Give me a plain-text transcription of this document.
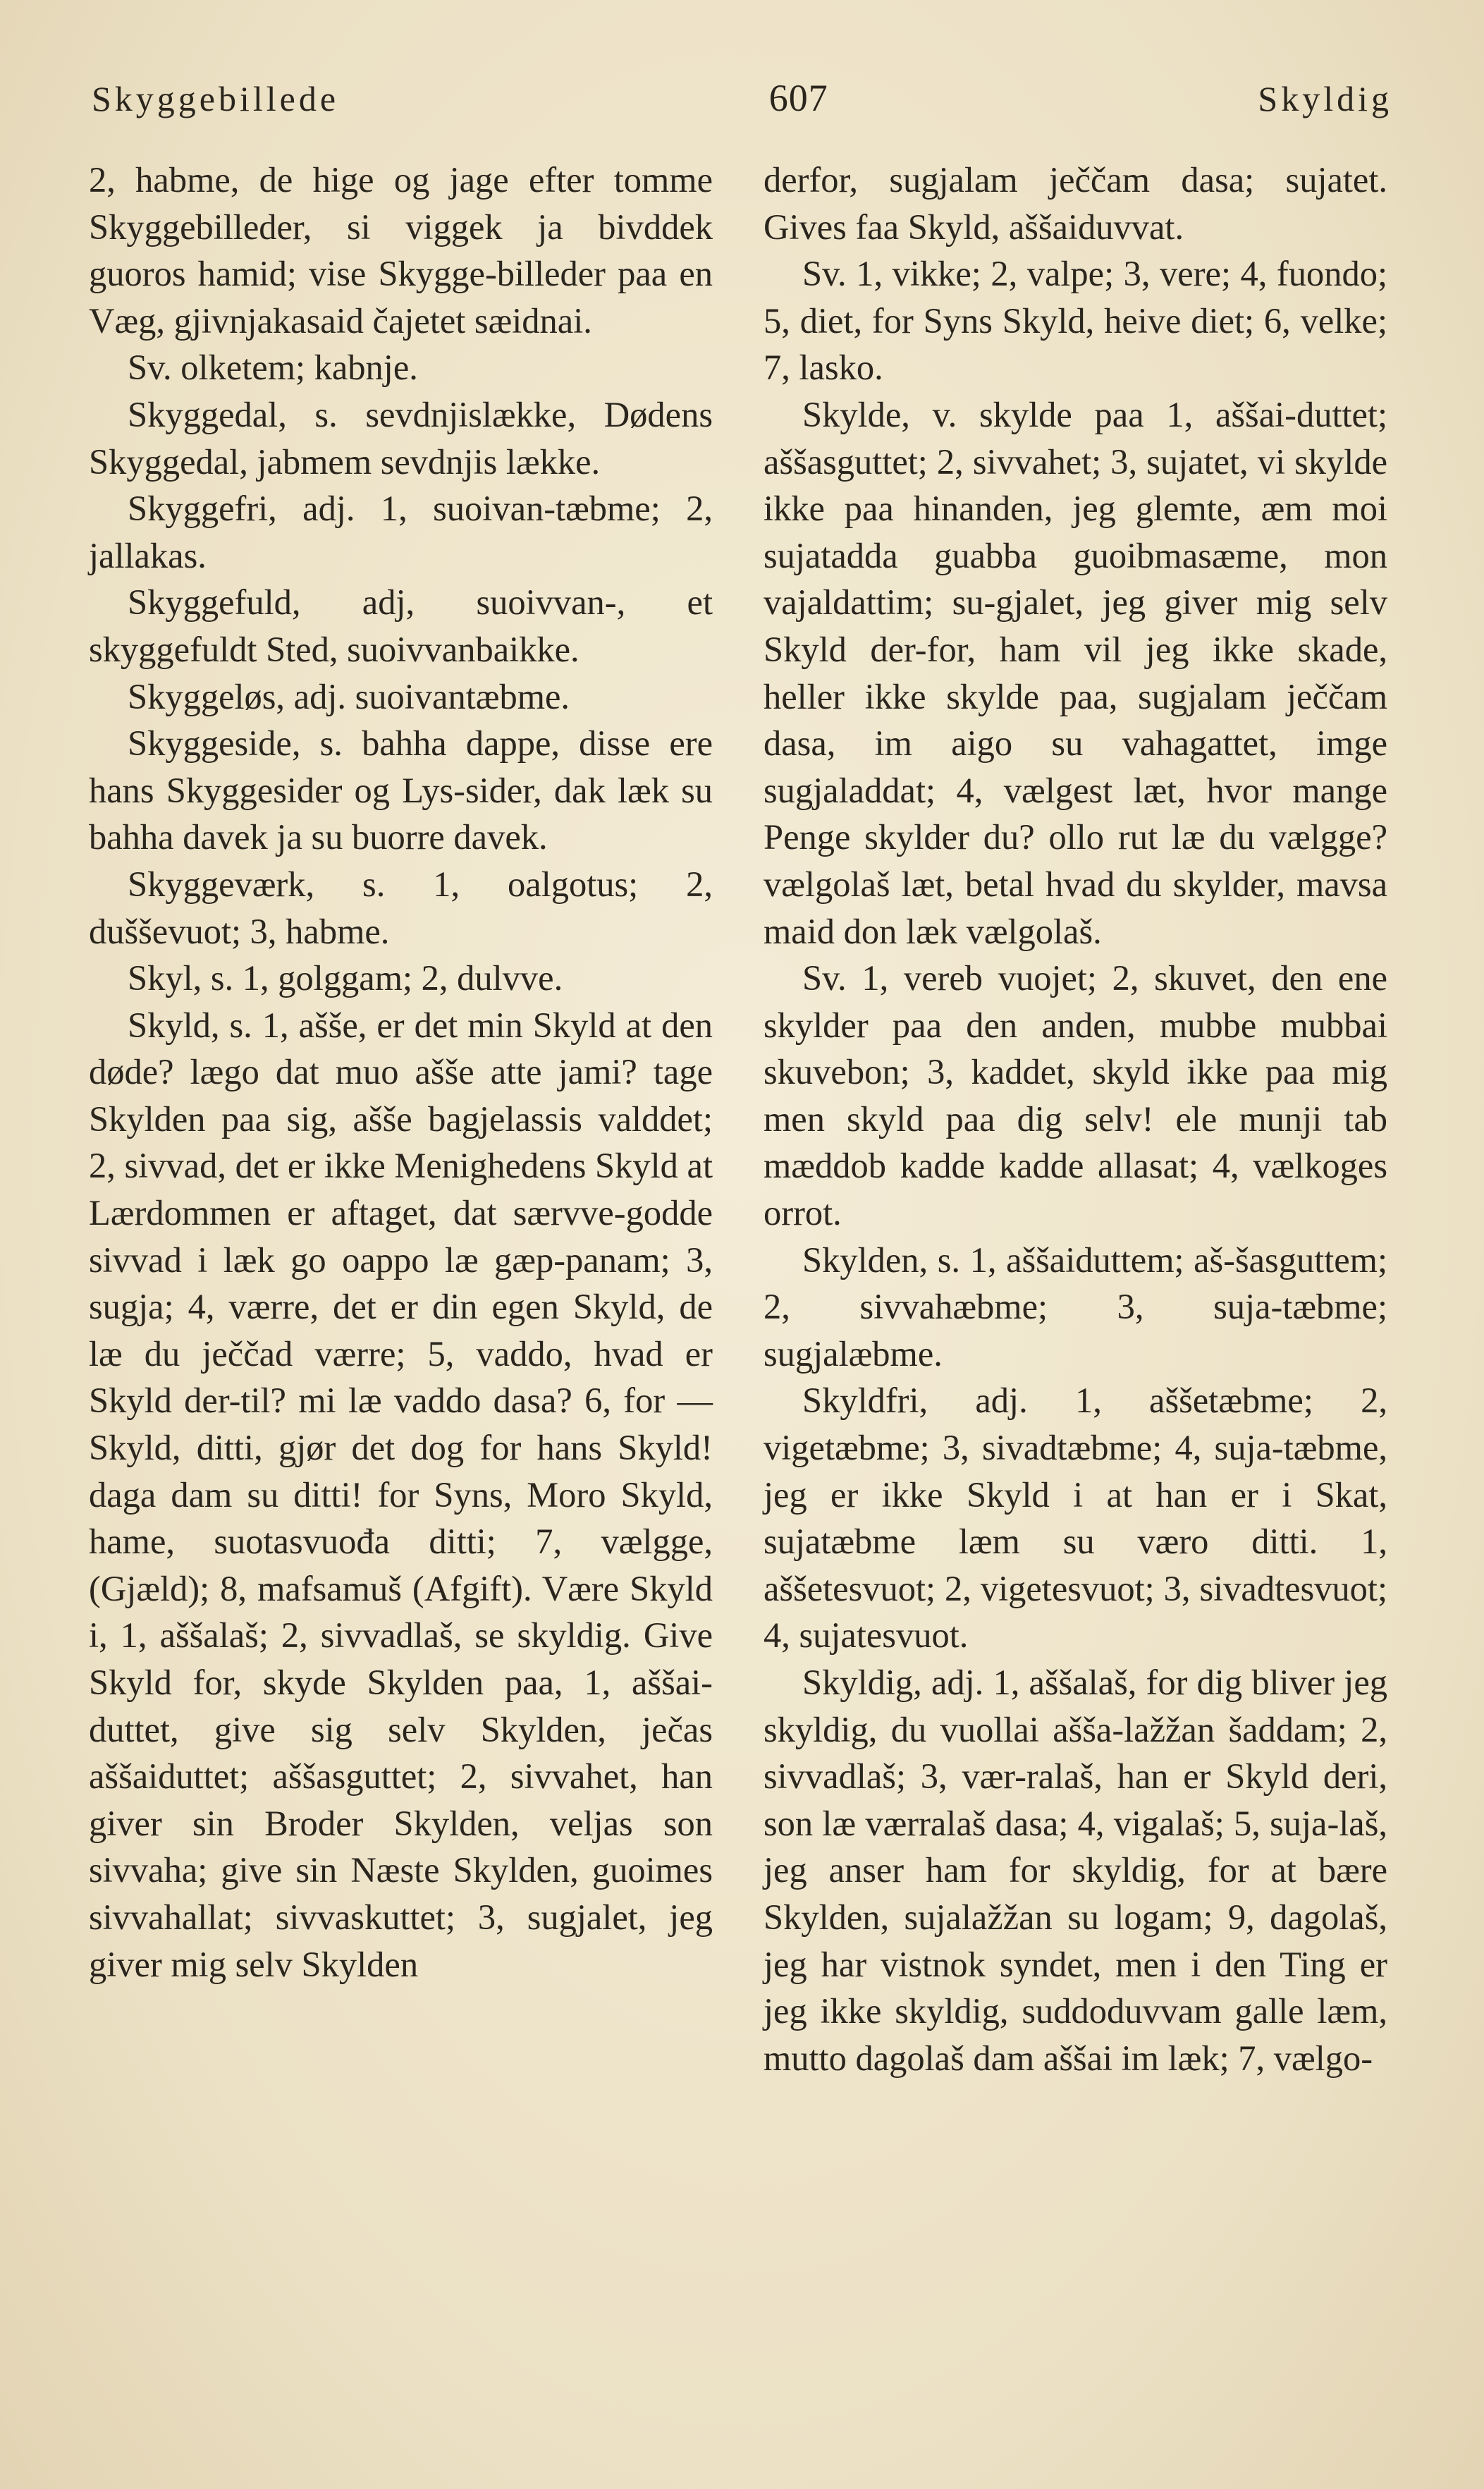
Skyggebillede	607	Skyldig

2, habme, de hige og jage efter tomme Skyggebilleder, si viggek ja bivddek guoros hamid; vise Skygge-billeder paa en Væg, gjivnjakasaid čajetet sæidnai.

Sv. olketem; kabnje.

Skyggedal, s. sevdnjislække, Dødens Skyggedal, jabmem sevdnjis lække.

Skyggefri, adj. 1, suoivan-tæbme; 2, jallakas.

Skyggefuld, adj, suoivvan-, et skyggefuldt Sted, suoivvanbaikke.

Skyggeløs, adj. suoivantæbme.

Skyggeside, s. bahha dappe, disse ere hans Skyggesider og Lys-sider, dak læk su bahha davek ja su buorre davek.

Skyggeværk, s. 1, oalgotus; 2, dušševuot; 3, habme.

Skyl, s. 1, golggam; 2, dulvve.

Skyld, s. 1, ašše, er det min Skyld at den døde? lægo dat muo ašše atte jami? tage Skylden paa sig, ašše bagjelassis valddet; 2, sivvad, det er ikke Menighedens Skyld at Lærdommen er aftaget, dat særvve-godde sivvad i læk go oappo læ gæp-panam; 3, sugja; 4, værre, det er din egen Skyld, de læ du ječčad værre; 5, vaddo, hvad er Skyld der-til? mi læ vaddo dasa? 6, for — Skyld, ditti, gjør det dog for hans Skyld! daga dam su ditti! for Syns, Moro Skyld, hame, suotasvuođa ditti; 7, vælgge, (Gjæld); 8, mafsamuš (Afgift). Være Skyld i, 1, aššalaš; 2, sivvadlaš, se skyldig. Give Skyld for, skyde Skylden paa, 1, aššai-duttet, give sig selv Skylden, ječas aššaiduttet; aššasguttet; 2, sivvahet, han giver sin Broder Skylden, veljas son sivvaha; give sin Næste Skylden, guoimes sivvahallat; sivvaskuttet; 3, sugjalet, jeg giver mig selv Skylden

derfor, sugjalam ječčam dasa; sujatet. Gives faa Skyld, aššaiduvvat.

Sv. 1, vikke; 2, valpe; 3, vere; 4, fuondo; 5, diet, for Syns Skyld, heive diet; 6, velke; 7, lasko.

Skylde, v. skylde paa 1, aššai-duttet; aššasguttet; 2, sivvahet; 3, sujatet, vi skylde ikke paa hinanden, jeg glemte, æm moi sujatadda guabba guoibmasæme, mon vajaldattim; su-gjalet, jeg giver mig selv Skyld der-for, ham vil jeg ikke skade, heller ikke skylde paa, sugjalam ječčam dasa, im aigo su vahagattet, imge sugjaladdat; 4, vælgest læt, hvor mange Penge skylder du? ollo rut læ du vælgge? vælgolaš læt, betal hvad du skylder, mavsa maid don læk vælgolaš.

Sv. 1, vereb vuojet; 2, skuvet, den ene skylder paa den anden, mubbe mubbai skuvebon; 3, kaddet, skyld ikke paa mig men skyld paa dig selv! ele munji tab mæddob kadde kadde allasat; 4, vælkoges orrot.

Skylden, s. 1, aššaiduttem; aš-šasguttem; 2, sivvahæbme; 3, suja-tæbme; sugjalæbme.

Skyldfri, adj. 1, aššetæbme; 2, vigetæbme; 3, sivadtæbme; 4, suja-tæbme, jeg er ikke Skyld i at han er i Skat, sujatæbme læm su væro ditti. 1, aššetesvuot; 2, vigetesvuot; 3, sivadtesvuot; 4, sujatesvuot.

Skyldig, adj. 1, aššalaš, for dig bliver jeg skyldig, du vuollai ašša-lažžan šaddam; 2, sivvadlaš; 3, vær-ralaš, han er Skyld deri, son læ værralaš dasa; 4, vigalaš; 5, suja-laš, jeg anser ham for skyldig, for at bære Skylden, sujalažžan su logam; 9, dagolaš, jeg har vistnok syndet, men i den Ting er jeg ikke skyldig, suddoduvvam galle læm, mutto dagolaš dam aššai im læk; 7, vælgo-
